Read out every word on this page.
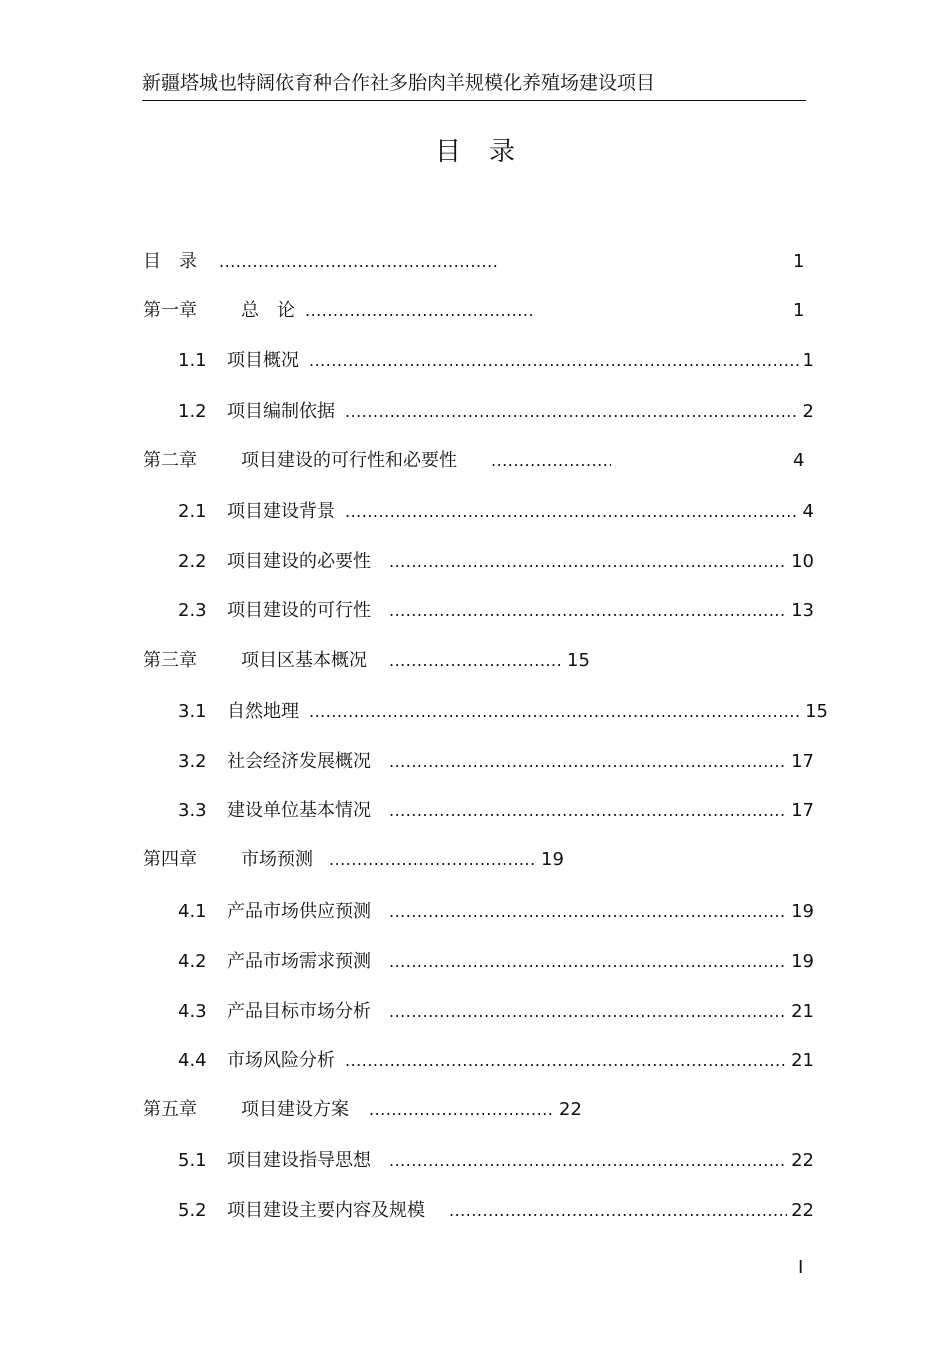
新疆塔城也特阔依育种合作社多胎肉羊规模化养殖场建设项目
目录
目　录 .....	1
第一章	总　论 .....	1
1.1	项目概况 .....	1
1.2	项目编制依据 .....	2
第二章	项目建设的可行性和必要性 .....	4
2.1	项目建设背景 .....	4
2.2	项目建设的必要性 .....	10
2.3	项目建设的可行性 .....	13
第三章	项目区基本概况 .....	15
3.1	自然地理 .....	15
3.2	社会经济发展概况 .....	17
3.3	建设单位基本情况 .....	17
第四章	市场预测 .....	19
4.1	产品市场供应预测 .....	19
4.2	产品市场需求预测 .....	19
4.3	产品目标市场分析 .....	21
4.4	市场风险分析 .....	21
第五章	项目建设方案 .....	22
5.1	项目建设指导思想 .....	22
5.2	项目建设主要内容及规模 .....	22
I
